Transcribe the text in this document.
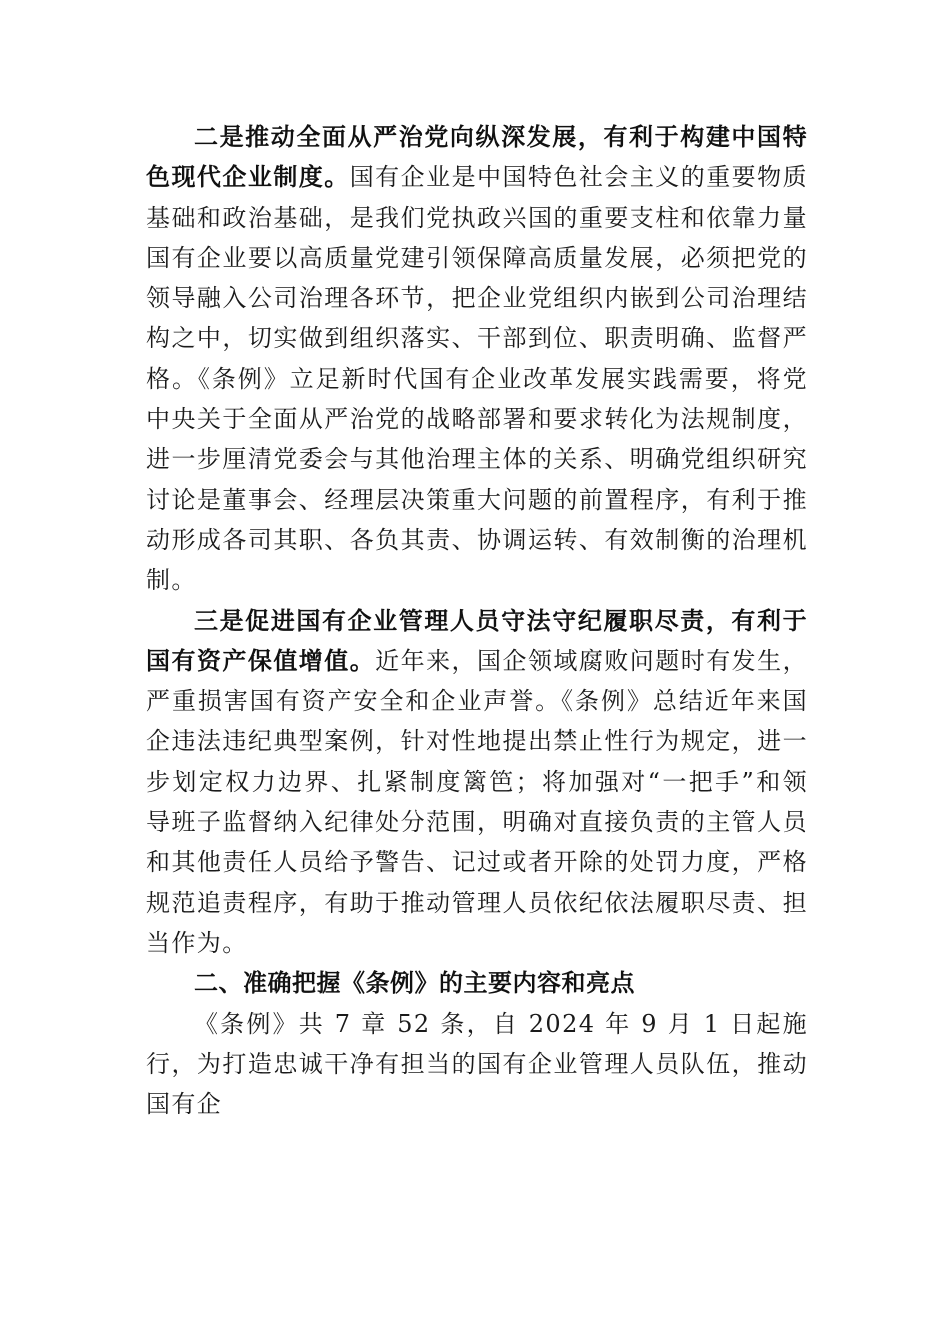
二是推动全面从严治党向纵深发展，有利于构建中国特色现代企业制度。国有企业是中国特色社会主义的重要物质基础和政治基础，是我们党执政兴国的重要支柱和依靠力量国有企业要以高质量党建引领保障高质量发展，必须把党的领导融入公司治理各环节，把企业党组织内嵌到公司治理结构之中，切实做到组织落实、干部到位、职责明确、监督严格。《条例》立足新时代国有企业改革发展实践需要，将党中央关于全面从严治党的战略部署和要求转化为法规制度，进一步厘清党委会与其他治理主体的关系、明确党组织研究讨论是董事会、经理层决策重大问题的前置程序，有利于推动形成各司其职、各负其责、协调运转、有效制衡的治理机制。

三是促进国有企业管理人员守法守纪履职尽责，有利于国有资产保值增值。近年来，国企领域腐败问题时有发生，严重损害国有资产安全和企业声誉。《条例》总结近年来国企违法违纪典型案例，针对性地提出禁止性行为规定，进一步划定权力边界、扎紧制度篱笆；将加强对“一把手”和领导班子监督纳入纪律处分范围，明确对直接负责的主管人员和其他责任人员给予警告、记过或者开除的处罚力度，严格规范追责程序，有助于推动管理人员依纪依法履职尽责、担当作为。

二、准确把握《条例》的主要内容和亮点

《条例》共 7 章 52 条，自 2024 年 9 月 1 日起施行，为打造忠诚干净有担当的国有企业管理人员队伍，推动国有企
